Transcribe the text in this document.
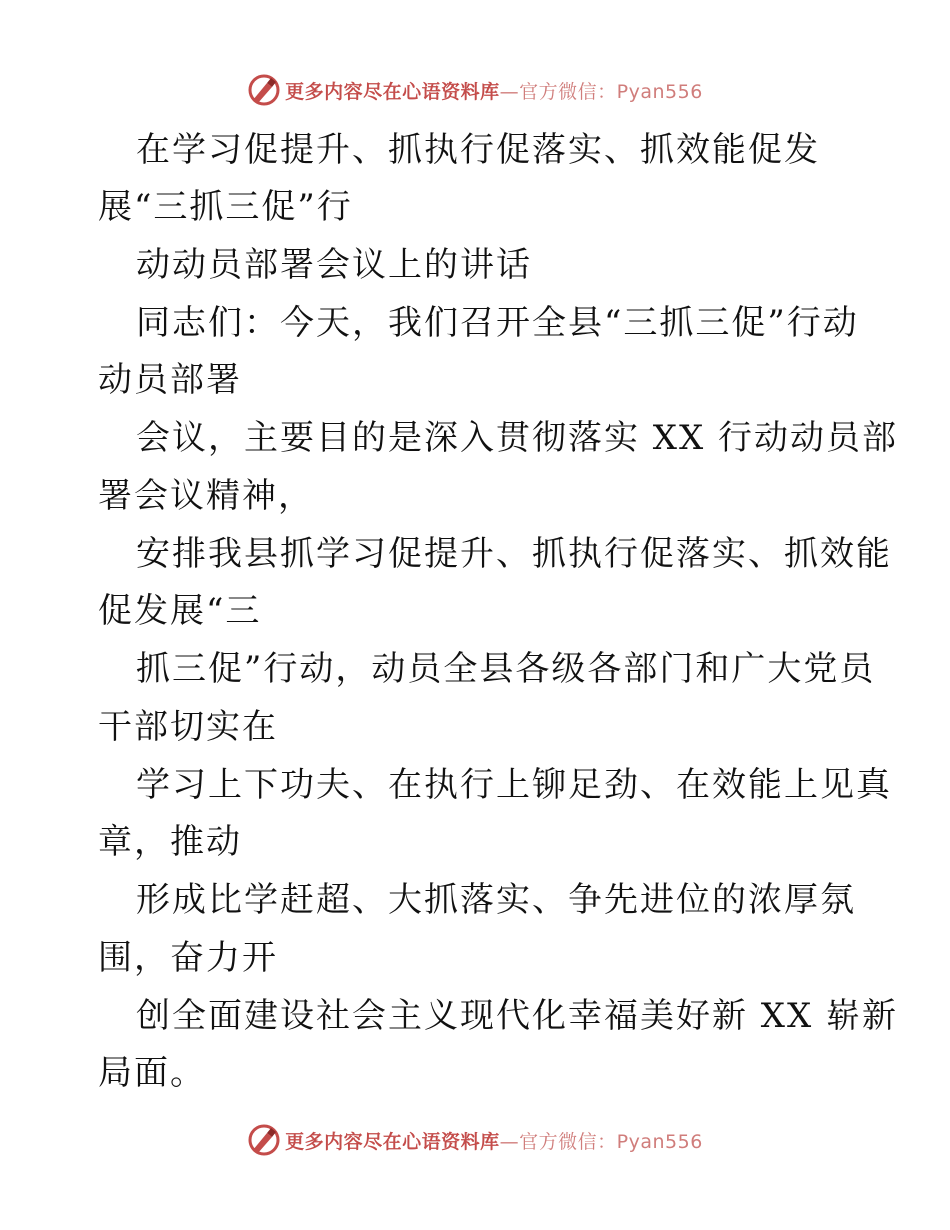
更多内容尽在心语资料库—官方微信：Pyan556
在学习促提升、抓执行促落实、抓效能促发
展“三抓三促”行
动动员部署会议上的讲话
同志们：今天，我们召开全县“三抓三促”行动
动员部署
会议，主要目的是深入贯彻落实 XX 行动动员部
署会议精神，
安排我县抓学习促提升、抓执行促落实、抓效能
促发展“三
抓三促”行动，动员全县各级各部门和广大党员
干部切实在
学习上下功夫、在执行上铆足劲、在效能上见真
章，推动
形成比学赶超、大抓落实、争先进位的浓厚氛
围，奋力开
创全面建设社会主义现代化幸福美好新 XX 崭新
局面。
更多内容尽在心语资料库—官方微信：Pyan556
